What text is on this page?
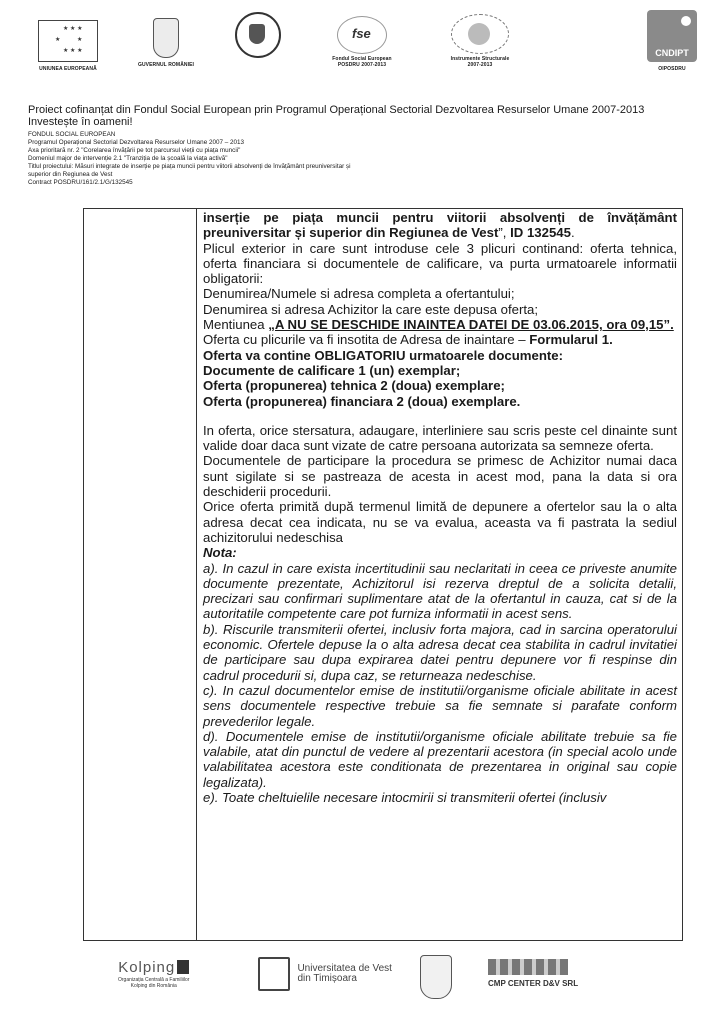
★ ★ ★
★	★
★ ★ ★
UNIUNEA EUROPEANĂ
GUVERNUL ROMÂNIEI
fse
Fondul Social European
POSDRU 2007-2013
Instrumente Structurale
2007-2013
CNDIPT
OIPOSDRU
Proiect cofinanțat din Fondul Social European prin Programul Operațional Sectorial Dezvoltarea Resurselor Umane 2007-2013
Investește în oameni!
FONDUL SOCIAL EUROPEAN
Programul Operațional Sectorial Dezvoltarea Resurselor Umane 2007 – 2013
Axa prioritară nr. 2 "Corelarea învățării pe tot parcursul vieții cu piața muncii"
Domeniul major de intervenție 2.1 "Tranziția de la școală la viața activă"
Titlul proiectului: Măsuri integrate de inserție pe piața muncii pentru viitorii absolvenți de învățământ preuniversitar și
superior din Regiunea de Vest
Contract POSDRU/161/2.1/G/132545

inserție pe piața muncii pentru viitorii absolvenți de învățământ preuniversitar și superior din Regiunea de Vest”, ID 132545.

Plicul exterior in care sunt introduse cele 3 plicuri continand: oferta tehnica, oferta financiara si documentele de calificare, va purta urmatoarele informatii obligatorii:

Denumirea/Numele si adresa completa a ofertantului;

Denumirea si adresa Achizitor la care este depusa oferta;

Mentiunea „A NU SE DESCHIDE INAINTEA DATEI DE 03.06.2015, ora 09,15”.

Oferta cu plicurile va fi insotita de Adresa de inaintare – Formularul 1.

Oferta va contine OBLIGATORIU urmatoarele documente:

Documente de calificare 1 (un) exemplar;

Oferta (propunerea) tehnica 2 (doua) exemplare;

Oferta (propunerea) financiara 2 (doua) exemplare.

In oferta, orice stersatura, adaugare, interliniere sau scris peste cel dinainte sunt valide doar daca sunt vizate de catre persoana autorizata sa semneze oferta.

Documentele de participare la procedura se primesc de Achizitor numai daca sunt sigilate si se pastreaza de acesta in acest mod, pana la data si ora deschiderii procedurii.

Orice oferta primită după termenul limită de depunere a ofertelor sau la o alta adresa decat cea indicata, nu se va evalua, aceasta va fi pastrata la sediul achizitorului nedeschisa

Nota:

a). In cazul in care exista incertitudinii sau neclaritati in ceea ce priveste anumite documente prezentate, Achizitorul isi rezerva dreptul de a solicita detalii, precizari sau confirmari suplimentare atat de la ofertantul in cauza, cat si de la autoritatile competente care pot furniza informatii in acest sens.

b). Riscurile transmiterii ofertei, inclusiv forta majora, cad in sarcina operatorului economic. Ofertele depuse la o alta adresa decat cea stabilita in cadrul invitatiei de participare sau dupa expirarea datei pentru depunere vor fi respinse din cadrul procedurii si, dupa caz, se returneaza nedeschise.

c). In cazul documentelor emise de institutii/organisme oficiale abilitate in acest sens documentele respective trebuie sa fie semnate si parafate conform prevederilor legale.

d). Documentele emise de institutii/organisme oficiale abilitate trebuie sa fie valabile, atat din punctul de vedere al prezentarii acestora (in special acolo unde valabilitatea acestora este conditionata de prezentarea in original sau copie legalizata).

e). Toate cheltuielile necesare intocmirii si transmiterii ofertei (inclusiv

Kolping
Organizația Centrală a Familiilor
Kolping din România
Universitatea de Vest
din Timișoara	CMP CENTER D&V SRL
